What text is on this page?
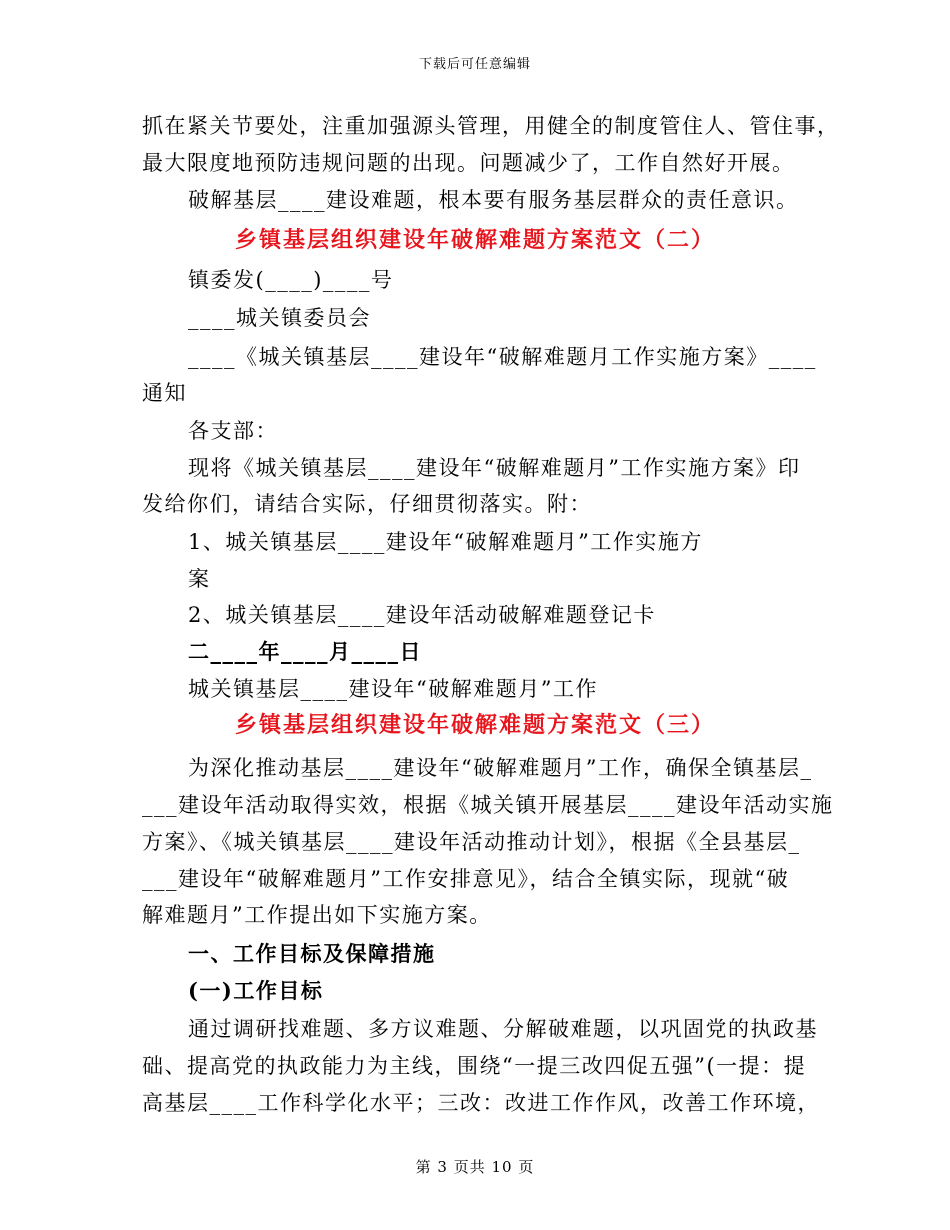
下载后可任意编辑
抓在紧关节要处，注重加强源头管理，用健全的制度管住人、管住事，
最大限度地预防违规问题的出现。问题减少了，工作自然好开展。
破解基层____建设难题，根本要有服务基层群众的责任意识。
乡镇基层组织建设年破解难题方案范文（二）
镇委发(____)____号
____城关镇委员会
____《城关镇基层____建设年“破解难题月工作实施方案》____
通知
各支部：
现将《城关镇基层____建设年“破解难题月”工作实施方案》印
发给你们，请结合实际，仔细贯彻落实。附：
1、城关镇基层____建设年“破解难题月”工作实施方
案
2、城关镇基层____建设年活动破解难题登记卡
二____年____月____日
城关镇基层____建设年“破解难题月”工作
乡镇基层组织建设年破解难题方案范文（三）
为深化推动基层____建设年“破解难题月”工作，确保全镇基层_
___建设年活动取得实效，根据《城关镇开展基层____建设年活动实施
方案》、《城关镇基层____建设年活动推动计划》，根据《全县基层_
___建设年“破解难题月”工作安排意见》，结合全镇实际，现就“破
解难题月”工作提出如下实施方案。
一、工作目标及保障措施
(一)工作目标
通过调研找难题、多方议难题、分解破难题，以巩固党的执政基
础、提高党的执政能力为主线，围绕“一提三改四促五强”(一提：提
高基层____工作科学化水平；三改：改进工作作风，改善工作环境，
第 3 页共 10 页
